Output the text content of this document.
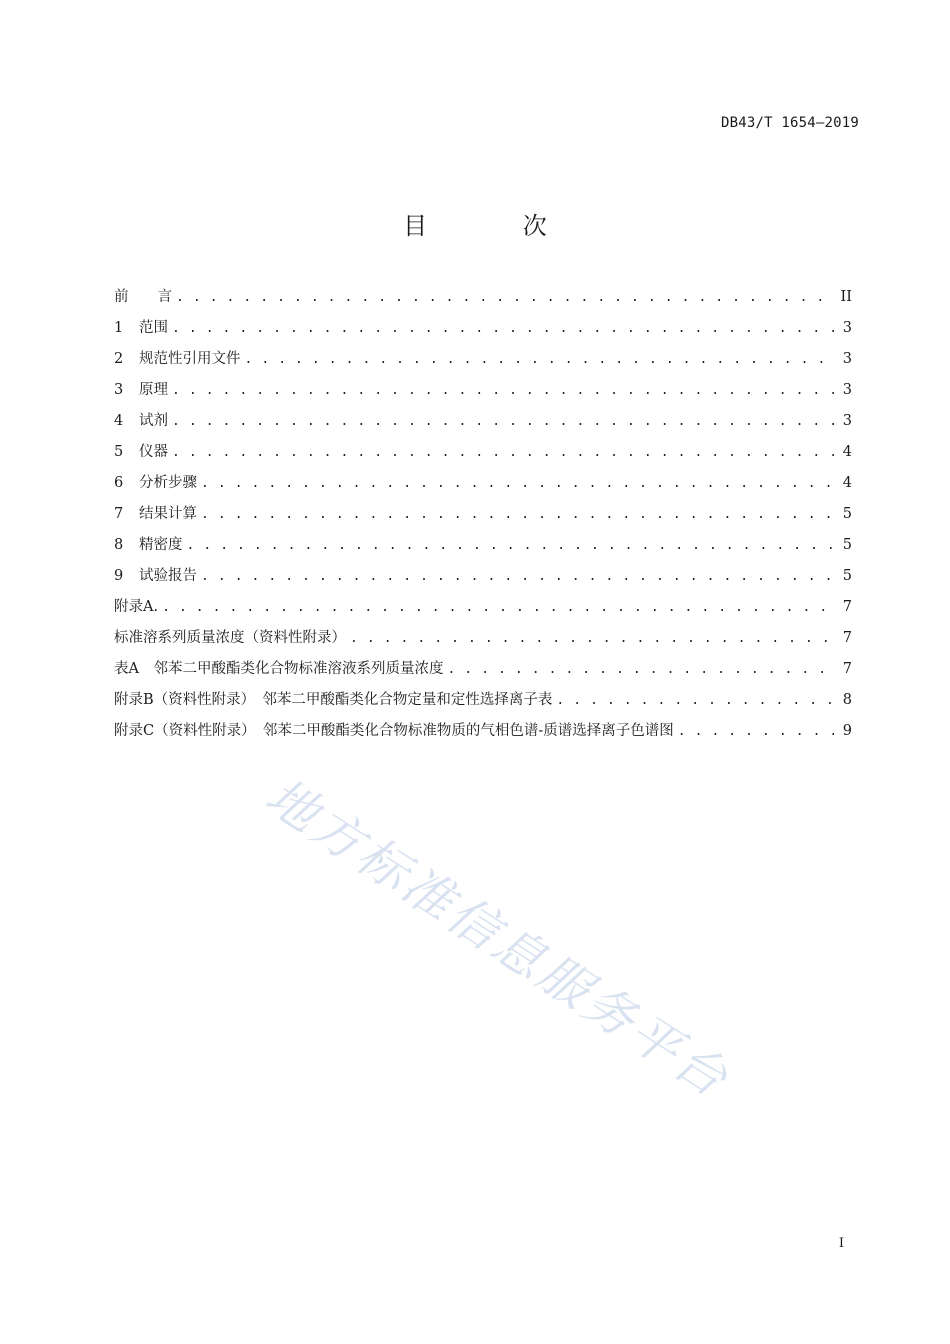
DB43/T 1654—2019
目 次
前　　言 . . .	II
1 范围 . . .	3
2 规范性引用文件 . . .	3
3 原理 . . .	3
4 试剂 . . .	3
5 仪器 . . .	4
6 分析步骤 . . .	4
7 结果计算 . . .	5
8 精密度 . . .	5
9 试验报告 . . .	5
附录A. . . .	7
标准溶系列质量浓度（资料性附录） . . .	7
表A　邻苯二甲酸酯类化合物标准溶液系列质量浓度 . . .	7
附录B（资料性附录）　邻苯二甲酸酯类化合物定量和定性选择离子表 . . .	8
附录C（资料性附录）　邻苯二甲酸酯类化合物标准物质的气相色谱-质谱选择离子色谱图 . . .	9
地方标准信息服务平台
I
